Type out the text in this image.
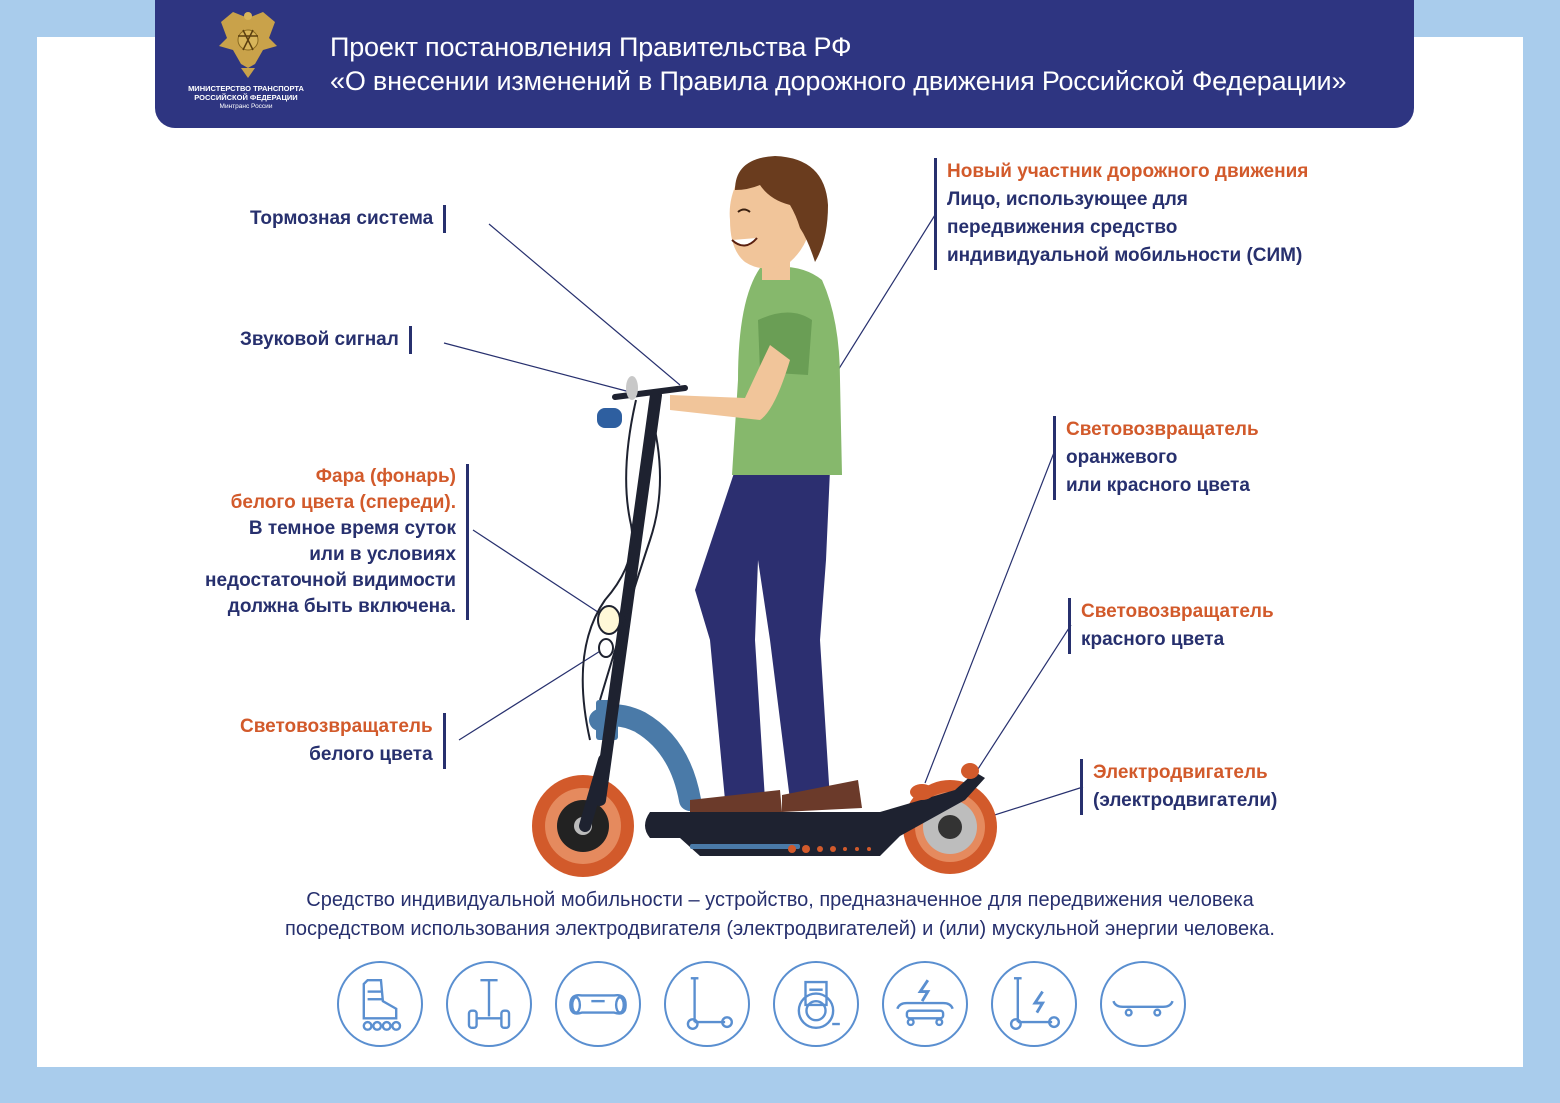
МИНИСТЕРСТВО ТРАНСПОРТА
РОССИЙСКОЙ ФЕДЕРАЦИИ
Минтранс России
Проект постановления Правительства РФ
«О внесении изменений в Правила дорожного движения Российской Федерации»
Тормозная система
Звуковой сигнал
Фара (фонарь)
белого цвета (спереди).
В темное время суток
или в условиях
недостаточной видимости
должна быть включена.
Световозвращатель
белого цвета
Новый участник дорожного движения
Лицо, использующее для
передвижения средство
индивидуальной мобильности (СИМ)
Световозвращатель
оранжевого
или красного цвета
Световозвращатель
красного цвета
Электродвигатель
(электродвигатели)
Средство индивидуальной мобильности – устройство, предназначенное для передвижения человека
посредством использования электродвигателя (электродвигателей) и (или) мускульной энергии человека.
